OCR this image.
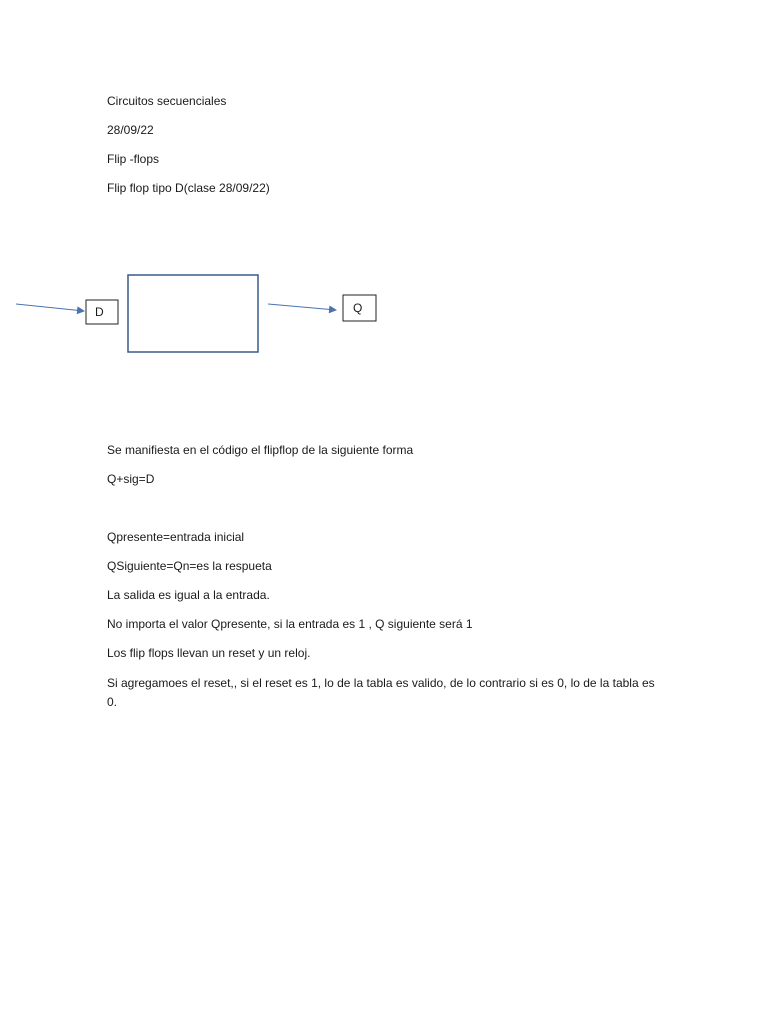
Circuitos secuenciales
28/09/22
Flip -flops
Flip flop tipo D(clase 28/09/22)
D	Q
Se manifiesta en el código el flipflop de la siguiente forma
Q+sig=D
Qpresente=entrada inicial
QSiguiente=Qn=es la respueta
La salida es igual a la entrada.
No importa el valor Qpresente, si la entrada es 1 , Q siguiente será 1
Los flip flops llevan un reset y un reloj.
Si agregamoes el reset,, si el reset es 1, lo de la tabla es valido, de lo contrario si es 0, lo de la tabla es 0.
